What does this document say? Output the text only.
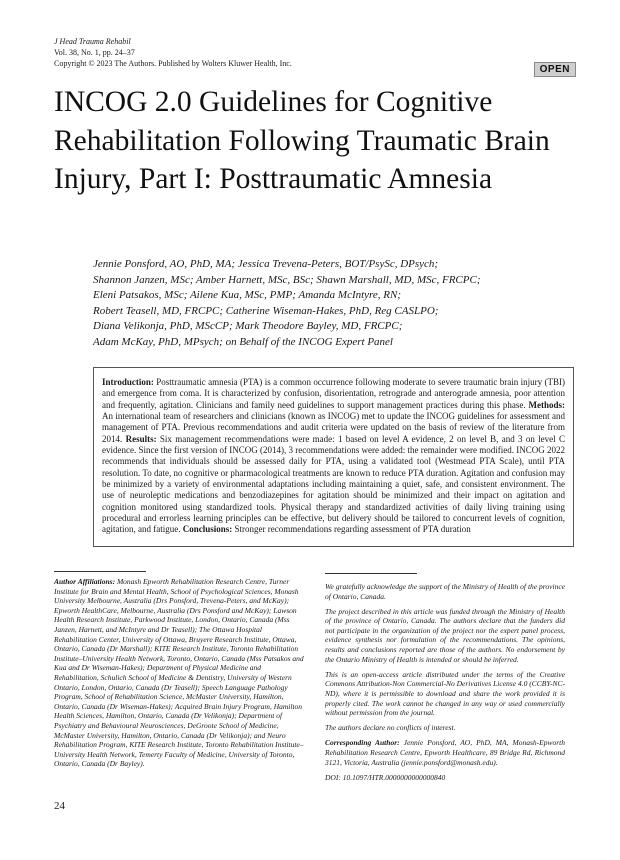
J Head Trauma Rehabil
Vol. 38, No. 1, pp. 24–37
Copyright © 2023 The Authors. Published by Wolters Kluwer Health, Inc.
OPEN
INCOG 2.0 Guidelines for Cognitive Rehabilitation Following Traumatic Brain Injury, Part I: Posttraumatic Amnesia
Jennie Ponsford, AO, PhD, MA; Jessica Trevena-Peters, BOT/PsySc, DPsych;
Shannon Janzen, MSc; Amber Harnett, MSc, BSc; Shawn Marshall, MD, MSc, FRCPC;
Eleni Patsakos, MSc; Ailene Kua, MSc, PMP; Amanda McIntyre, RN;
Robert Teasell, MD, FRCPC; Catherine Wiseman-Hakes, PhD, Reg CASLPO;
Diana Velikonja, PhD, MScCP; Mark Theodore Bayley, MD, FRCPC;
Adam McKay, PhD, MPsych; on Behalf of the INCOG Expert Panel
Introduction: Posttraumatic amnesia (PTA) is a common occurrence following moderate to severe traumatic brain injury (TBI) and emergence from coma. It is characterized by confusion, disorientation, retrograde and anterograde amnesia, poor attention and frequently, agitation. Clinicians and family need guidelines to support management practices during this phase. Methods: An international team of researchers and clinicians (known as INCOG) met to update the INCOG guidelines for assessment and management of PTA. Previous recommendations and audit criteria were updated on the basis of review of the literature from 2014. Results: Six management recommendations were made: 1 based on level A evidence, 2 on level B, and 3 on level C evidence. Since the first version of INCOG (2014), 3 recommendations were added: the remainder were modified. INCOG 2022 recommends that individuals should be assessed daily for PTA, using a validated tool (Westmead PTA Scale), until PTA resolution. To date, no cognitive or pharmacological treatments are known to reduce PTA duration. Agitation and confusion may be minimized by a variety of environmental adaptations including maintaining a quiet, safe, and consistent environment. The use of neuroleptic medications and benzodiazepines for agitation should be minimized and their impact on agitation and cognition monitored using standardized tools. Physical therapy and standardized activities of daily living training using procedural and errorless learning principles can be effective, but delivery should be tailored to concurrent levels of cognition, agitation, and fatigue. Conclusions: Stronger recommendations regarding assessment of PTA duration
Author Affiliations: Monash Epworth Rehabilitation Research Centre, Turner Institute for Brain and Mental Health, School of Psychological Sciences, Monash University Melbourne, Australia (Drs Ponsford, Trevena-Peters, and McKay); Epworth HealthCare, Melbourne, Australia (Drs Ponsford and McKay); Lawson Health Research Institute, Parkwood Institute, London, Ontario, Canada (Mss Janzen, Harnett, and McIntyre and Dr Teasell); The Ottawa Hospital Rehabilitation Center, University of Ottawa, Bruyere Research Institute, Ottawa, Ontario, Canada (Dr Marshall); KITE Research Institute, Toronto Rehabilitation Institute–University Health Network, Toronto, Ontario, Canada (Mss Patsakos and Kua and Dr Wiseman-Hakes); Department of Physical Medicine and Rehabilitation, Schulich School of Medicine & Dentistry, University of Western Ontario, London, Ontario, Canada (Dr Teasell); Speech Language Pathology Program, School of Rehabilitation Science, McMaster University, Hamilton, Ontario, Canada (Dr Wiseman-Hakes); Acquired Brain Injury Program, Hamilton Health Sciences, Hamilton, Ontario, Canada (Dr Velikonja); Department of Psychiatry and Behavioural Neurosciences, DeGroote School of Medicine, McMaster University, Hamilton, Ontario, Canada (Dr Velikonja); and Neuro Rehabilitation Program, KITE Research Institute, Toronto Rehabilitation Institute–University Health Network, Temerty Faculty of Medicine, University of Toronto, Ontario, Canada (Dr Bayley).

We gratefully acknowledge the support of the Ministry of Health of the province of Ontario, Canada.

The project described in this article was funded through the Ministry of Health of the province of Ontario, Canada. The authors declare that the funders did not participate in the organization of the project nor the expert panel process, evidence synthesis nor formulation of the recommendations. The opinions, results and conclusions reported are those of the authors. No endorsement by the Ontario Ministry of Health is intended or should be inferred.

This is an open-access article distributed under the terms of the Creative Commons Attribution-Non Commercial-No Derivatives License 4.0 (CCBY-NC-ND), where it is permissible to download and share the work provided it is properly cited. The work cannot be changed in any way or used commercially without permission from the journal.

The authors declare no conflicts of interest.

Corresponding Author: Jennie Ponsford, AO, PhD, MA, Monash-Epworth Rehabilitation Research Centre, Epworth Healthcare, 89 Bridge Rd, Richmond 3121, Victoria, Australia (jennie.ponsford@monash.edu).

DOI: 10.1097/HTR.0000000000000840

24
